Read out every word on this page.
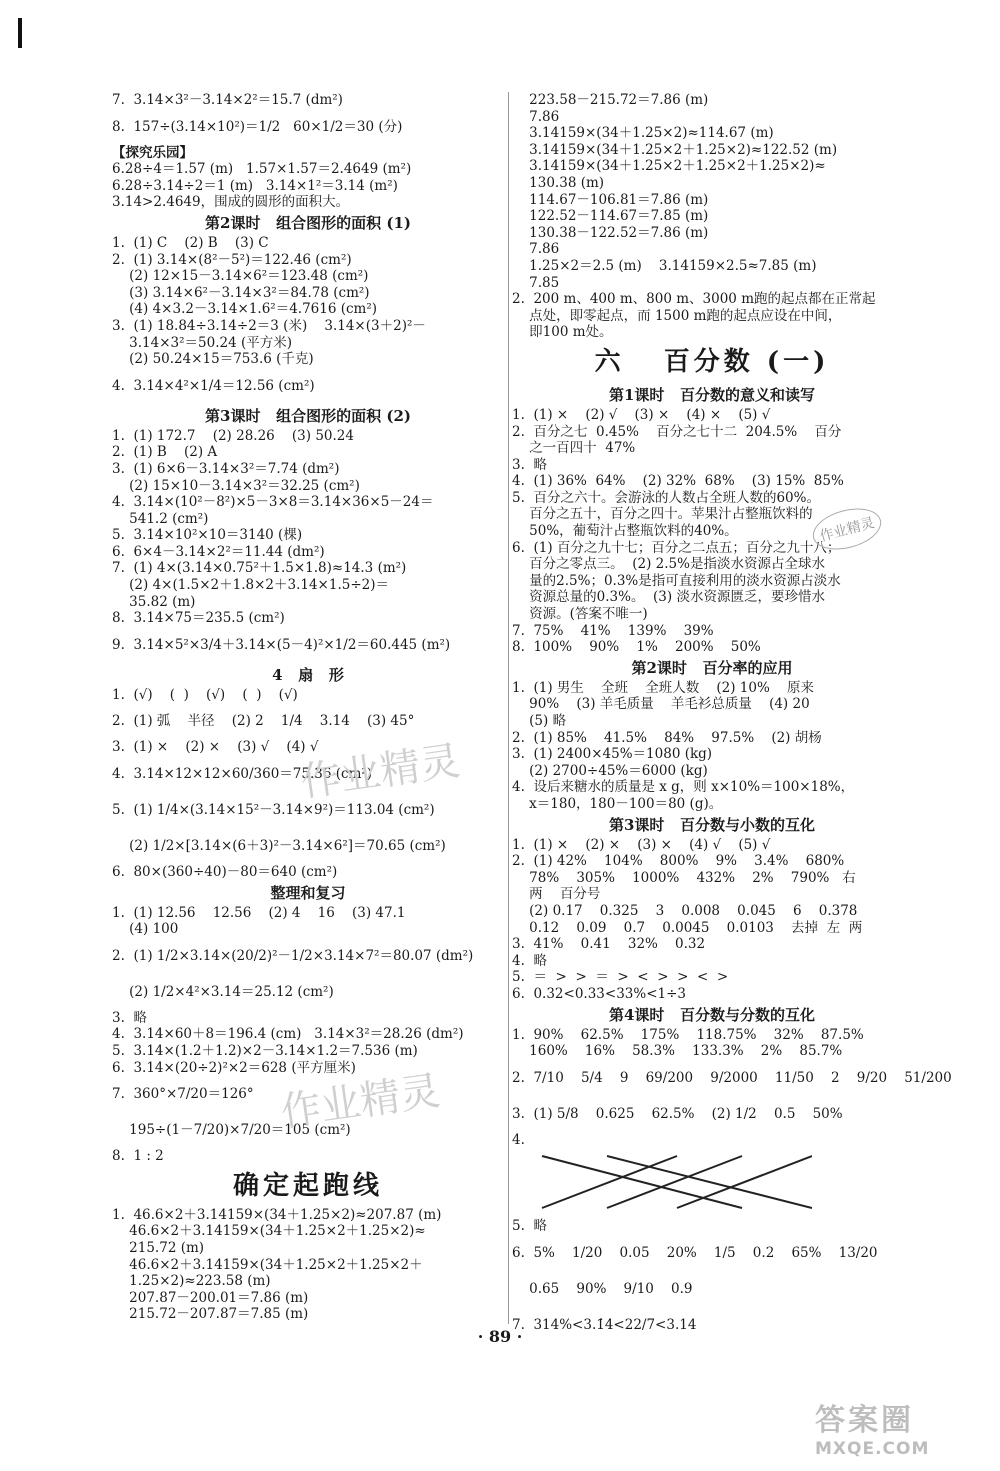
7.  3.14×3²－3.14×2²＝15.7 (dm²)
8.  157÷(3.14×10²)＝1/2   60×1/2＝30 (分)
【探究乐园】
6.28÷4＝1.57 (m)   1.57×1.57＝2.4649 (m²)
6.28÷3.14÷2＝1 (m)   3.14×1²＝3.14 (m²)
3.14>2.4649，围成的圆形的面积大。
第2课时   组合图形的面积 (1)
1.  (1) C    (2) B    (3) C
2.  (1) 3.14×(8²－5²)＝122.46 (cm²)
(2) 12×15－3.14×6²＝123.48 (cm²)
(3) 3.14×6²－3.14×3²＝84.78 (cm²)
(4) 4×3.2－3.14×1.6²＝4.7616 (cm²)
3.  (1) 18.84÷3.14÷2＝3 (米)    3.14×(3＋2)²－
3.14×3²＝50.24 (平方米)
(2) 50.24×15＝753.6 (千克)
4.  3.14×4²×1/4＝12.56 (cm²)
第3课时   组合图形的面积 (2)
1.  (1) 172.7    (2) 28.26    (3) 50.24
2.  (1) B    (2) A
3.  (1) 6×6－3.14×3²＝7.74 (dm²)
(2) 15×10－3.14×3²＝32.25 (cm²)
4.  3.14×(10²－8²)×5－3×8＝3.14×36×5－24＝
541.2 (cm²)
5.  3.14×10²×10＝3140 (棵)
6.  6×4－3.14×2²＝11.44 (dm²)
7.  (1) 4×(3.14×0.75²＋1.5×1.8)≈14.3 (m²)
(2) 4×(1.5×2＋1.8×2＋3.14×1.5÷2)＝
35.82 (m)
8.  3.14×75＝235.5 (cm²)
9.  3.14×5²×3/4＋3.14×(5－4)²×1/2＝60.445 (m²)
4   扇   形
1.  (√)    (  )    (√)    (  )    (√)
2.  (1) 弧    半径    (2) 2    1/4    3.14    (3) 45°
3.  (1) ×    (2) ×    (3) √    (4) √
4.  3.14×12×12×60/360＝75.36 (cm²)
5.  (1) 1/4×(3.14×15²－3.14×9²)＝113.04 (cm²)
(2) 1/2×[3.14×(6＋3)²－3.14×6²]＝70.65 (cm²)
6.  80×(360÷40)－80＝640 (cm²)
整理和复习
1.  (1) 12.56    12.56    (2) 4    16    (3) 47.1
(4) 100
2.  (1) 1/2×3.14×(20/2)²－1/2×3.14×7²＝80.07 (dm²)
(2) 1/2×4²×3.14＝25.12 (cm²)
3.  略
4.  3.14×60＋8＝196.4 (cm)   3.14×3²＝28.26 (dm²)
5.  3.14×(1.2＋1.2)×2－3.14×1.2＝7.536 (m)
6.  3.14×(20÷2)²×2＝628 (平方厘米)
7.  360°×7/20＝126°
195÷(1－7/20)×7/20＝105 (cm²)
8.  1 : 2
确定起跑线
1.  46.6×2＋3.14159×(34＋1.25×2)≈207.87 (m)
46.6×2＋3.14159×(34＋1.25×2＋1.25×2)≈
215.72 (m)
46.6×2＋3.14159×(34＋1.25×2＋1.25×2＋
1.25×2)≈223.58 (m)
207.87－200.01＝7.86 (m)
215.72－207.87＝7.85 (m)
223.58－215.72＝7.86 (m)
7.86
3.14159×(34＋1.25×2)≈114.67 (m)
3.14159×(34＋1.25×2＋1.25×2)≈122.52 (m)
3.14159×(34＋1.25×2＋1.25×2＋1.25×2)≈
130.38 (m)
114.67－106.81＝7.86 (m)
122.52－114.67＝7.85 (m)
130.38－122.52＝7.86 (m)
7.86
1.25×2＝2.5 (m)    3.14159×2.5≈7.85 (m)
7.85
2.  200 m、400 m、800 m、3000 m跑的起点都在正常起
点处，即零起点，而 1500 m跑的起点应设在中间，
即100 m处。
六   百分数 (一)
第1课时   百分数的意义和读写
1.  (1) ×    (2) √    (3) ×    (4) ×    (5) √
2.  百分之七  0.45%    百分之七十二  204.5%    百分
之一百四十  47%
3.  略
4.  (1) 36%  64%    (2) 32%  68%    (3) 15%  85%
5.  百分之六十。会游泳的人数占全班人数的60%。
百分之五十，百分之四十。苹果汁占整瓶饮料的
50%，葡萄汁占整瓶饮料的40%。
6.  (1) 百分之九十七；百分之二点五；百分之九十八；
百分之零点三。  (2) 2.5%是指淡水资源占全球水
量的2.5%；0.3%是指可直接利用的淡水资源占淡水
资源总量的0.3%。  (3) 淡水资源匮乏，要珍惜水
资源。(答案不唯一)
7.  75%    41%    139%    39%
8.  100%    90%    1%    200%    50%
第2课时   百分率的应用
1.  (1) 男生    全班    全班人数    (2) 10%    原来
90%    (3) 羊毛质量    羊毛衫总质量    (4) 20
(5) 略
2.  (1) 85%    41.5%    84%    97.5%    (2) 胡杨
3.  (1) 2400×45%＝1080 (kg)
(2) 2700÷45%＝6000 (kg)
4.  设后来糖水的质量是 x g，则 x×10%＝100×18%，
x＝180，180－100＝80 (g)。
第3课时   百分数与小数的互化
1.  (1) ×    (2) ×    (3) ×    (4) √    (5) √
2.  (1) 42%    104%    800%    9%    3.4%    680%
78%    305%    1000%    432%    2%    790%   右
两    百分号
(2) 0.17    0.325    3    0.008    0.045    6    0.378
0.12    0.09    0.7    0.0045    0.0103    去掉  左  两
3.  41%    0.41    32%    0.32
4.  略
5.  ＝  >  >  ＝  >  <  >  >  <  >
6.  0.32<0.33̇<33%<1÷3
第4课时   百分数与分数的互化
1.  90%    62.5%    175%    118.75%    32%    87.5%
160%    16%    58.3%    133.3%    2%    85.7%
2.  7/10    5/4    9    69/200    9/2000    11/50    2    9/20    51/200
3.  (1) 5/8    0.625    62.5%    (2) 1/2    0.5    50%
4.
5.  略
6.  5%    1/20    0.05    20%    1/5    0.2    65%    13/20
0.65    90%    9/10    0.9
7.  314%<3.1̇4̇<22/7<3.14
作业精灵
作业精灵
作业精灵
· 89 ·
答案圈
MXQE.COM
